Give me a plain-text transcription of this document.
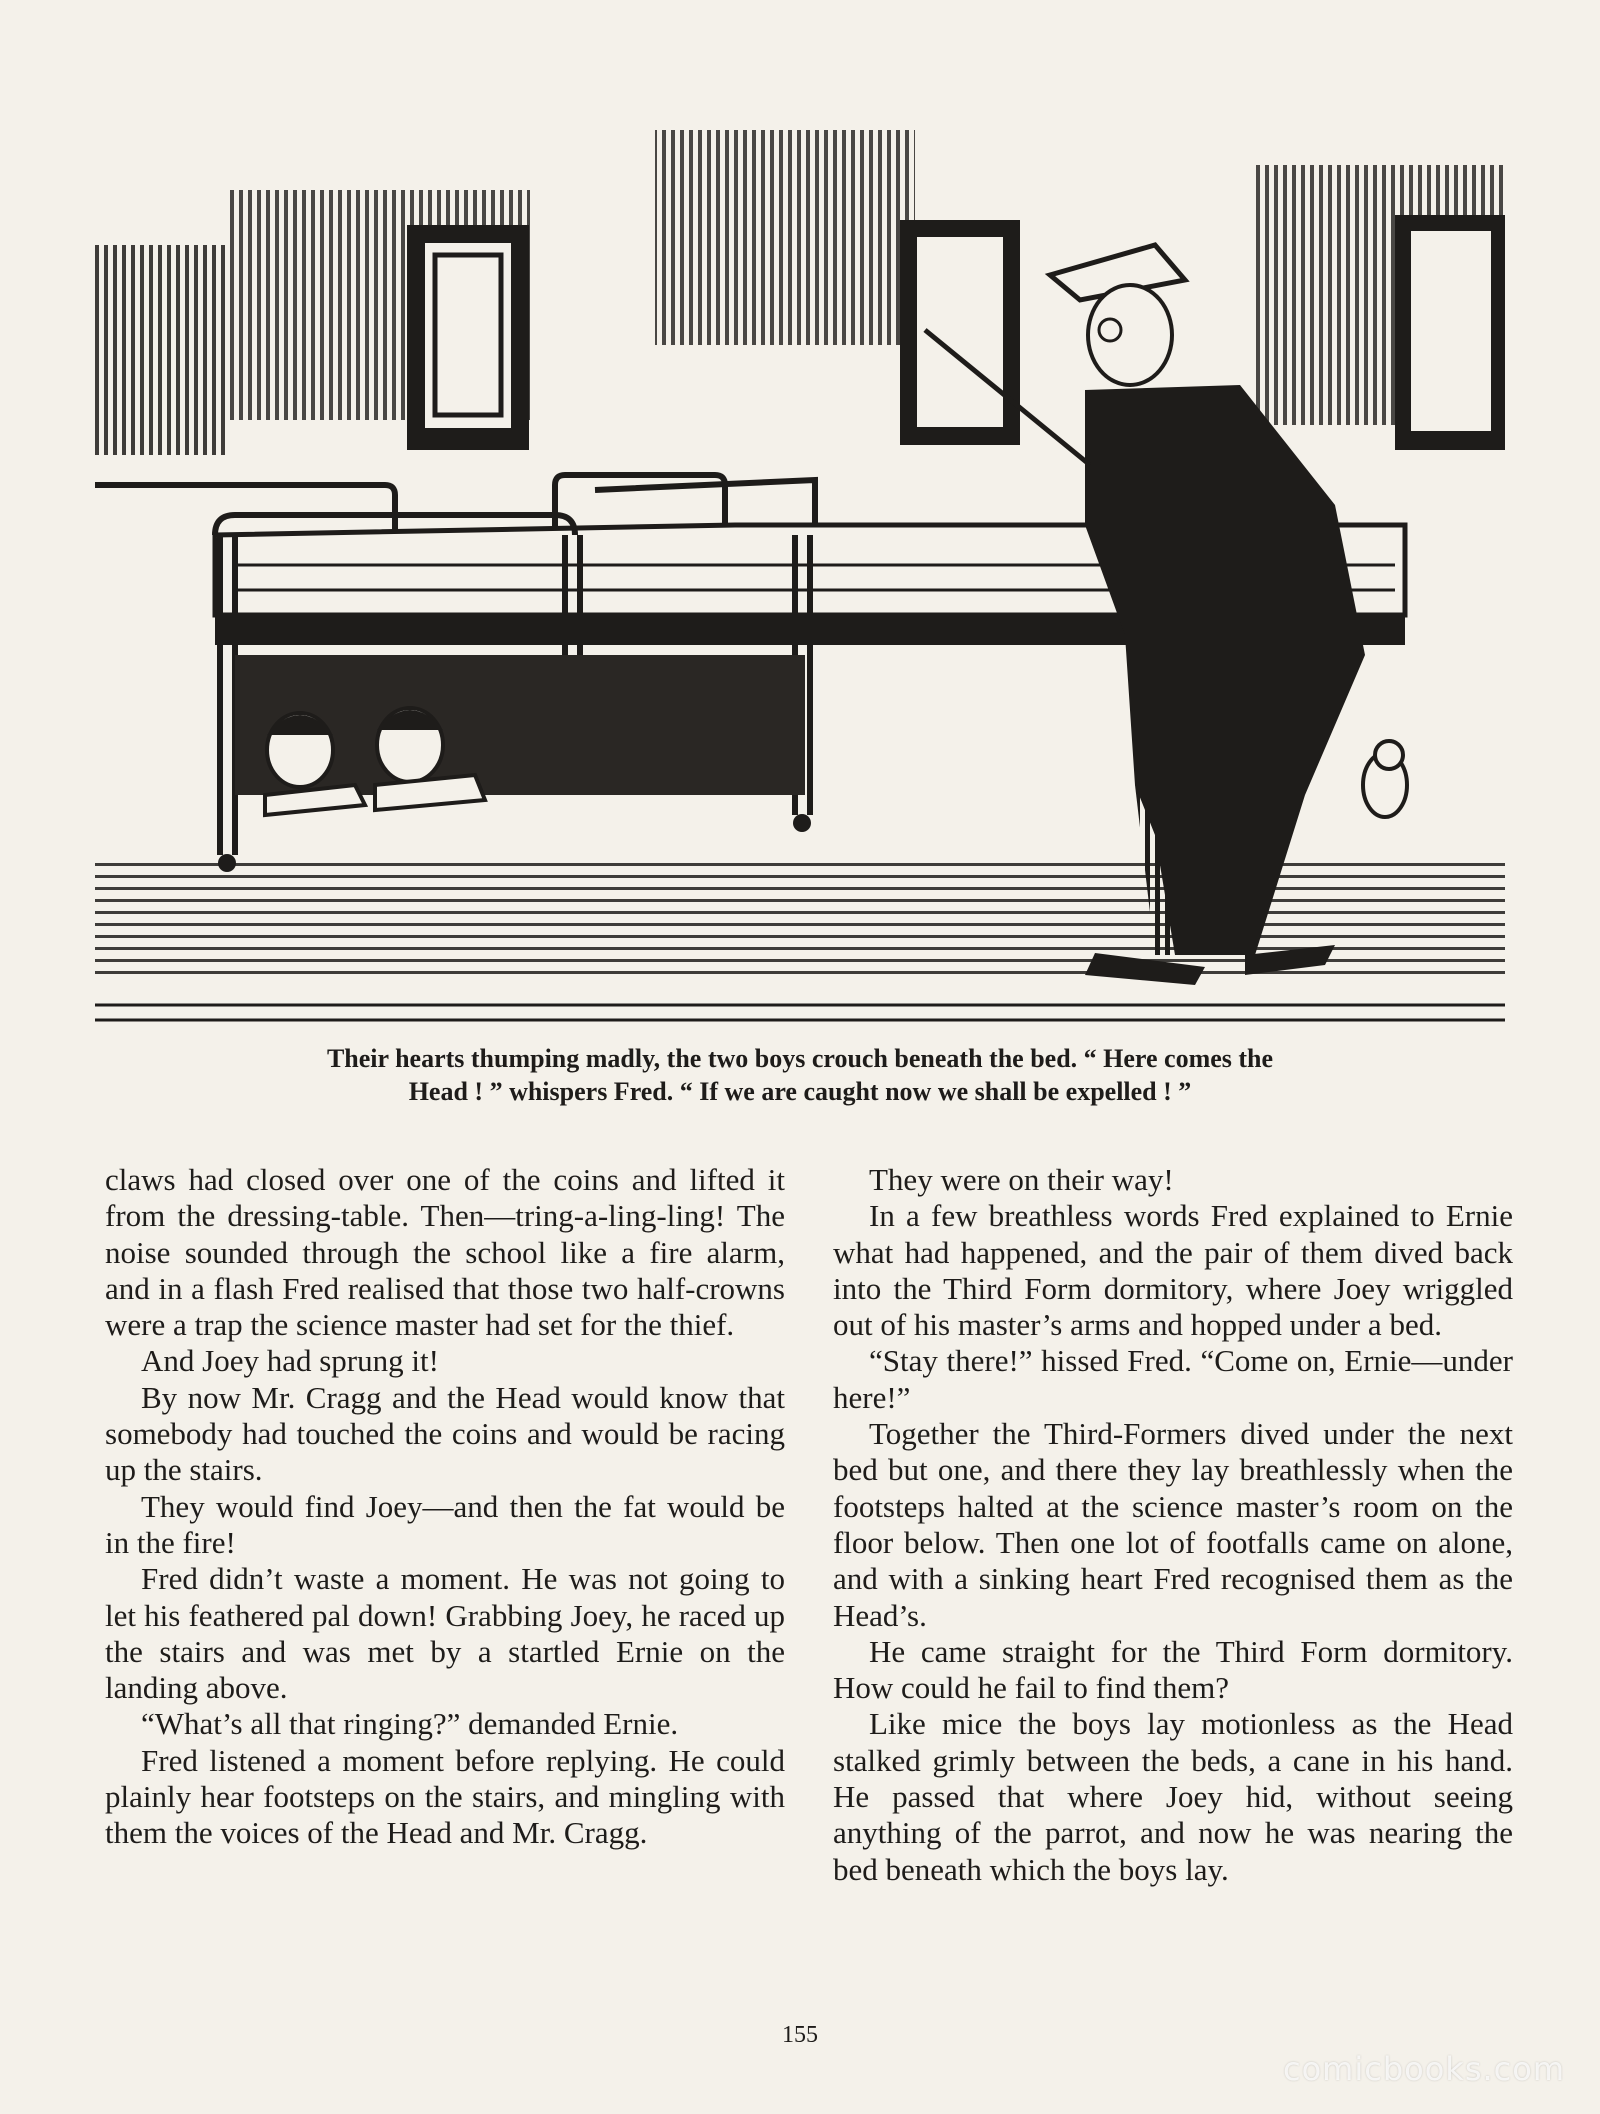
Their hearts thumping madly, the two boys crouch beneath the bed. “ Here comes the

Head ! ” whispers Fred. “ If we are caught now we shall be expelled ! ”

claws had closed over one of the coins and lifted it from the dressing-table. Then—tring-a-ling-ling! The noise sounded through the school like a fire alarm, and in a flash Fred realised that those two half-crowns were a trap the science master had set for the thief.

And Joey had sprung it!

By now Mr. Cragg and the Head would know that somebody had touched the coins and would be racing up the stairs.

They would find Joey—and then the fat would be in the fire!

Fred didn’t waste a moment. He was not going to let his feathered pal down! Grabbing Joey, he raced up the stairs and was met by a startled Ernie on the landing above.

“What’s all that ringing?” demanded Ernie.

Fred listened a moment before replying. He could plainly hear footsteps on the stairs, and mingling with them the voices of the Head and Mr. Cragg.

They were on their way!

In a few breathless words Fred explained to Ernie what had happened, and the pair of them dived back into the Third Form dormitory, where Joey wriggled out of his master’s arms and hopped under a bed.

“Stay there!” hissed Fred. “Come on, Ernie—under here!”

Together the Third-Formers dived under the next bed but one, and there they lay breathlessly when the footsteps halted at the science master’s room on the floor below. Then one lot of footfalls came on alone, and with a sinking heart Fred recognised them as the Head’s.

He came straight for the Third Form dormitory. How could he fail to find them?

Like mice the boys lay motionless as the Head stalked grimly between the beds, a cane in his hand. He passed that where Joey hid, without seeing anything of the parrot, and now he was nearing the bed beneath which the boys lay.

155
comicbooks.com
